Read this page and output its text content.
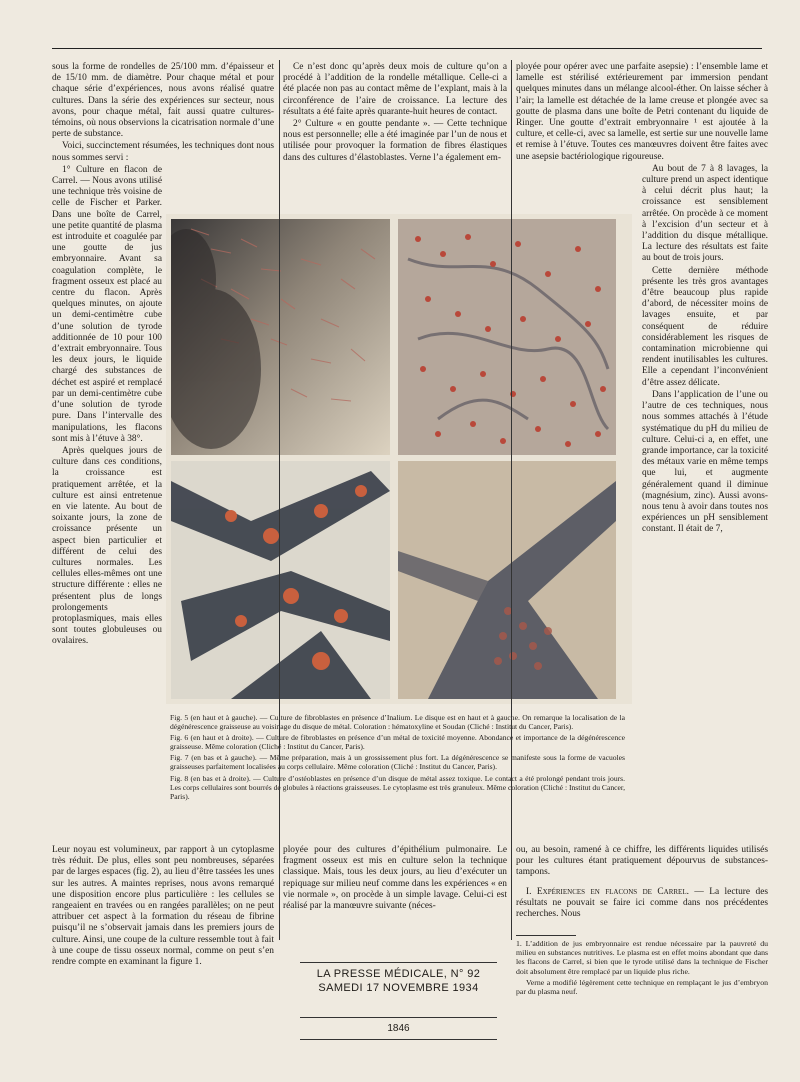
sous la forme de rondelles de 25/100 mm. d’épaisseur et de 15/10 mm. de diamètre. Pour chaque métal et pour chaque série d’expériences, nous avons réalisé quatre cultures. Dans la série des expériences sur secteur, nous avons, pour chaque métal, fait aussi quatre cultures-témoins, où nous observions la cicatrisation normale d’une perte de substance.

Voici, succinctement résumées, les techniques dont nous nous sommes servi :

1° Culture en flacon de Carrel. — Nous avons utilisé une technique très voisine de celle de Fischer et Parker. Dans une boîte de Carrel, une petite quantité de plasma est introduite et coagulée par une goutte de jus embryonnaire. Avant sa coagulation complète, le fragment osseux est placé au centre du flacon. Après quelques minutes, on ajoute un demi-centimètre cube d’une solution de tyrode additionnée de 10 pour 100 d’extrait embryonnaire. Tous les deux jours, le liquide chargé des substances de déchet est aspiré et remplacé par un demi-centimètre cube d’une solution de tyrode pure. Dans l’intervalle des manipulations, les flacons sont mis à l’étuve à 38°.

Après quelques jours de culture dans ces conditions, la croissance est pratiquement arrêtée, et la culture est ainsi entretenue en vie latente. Au bout de soixante jours, la zone de croissance présente un aspect bien particulier et différent de celui des cultures normales. Les cellules elles-mêmes ont une structure différente : elles ne présentent plus de longs prolongements protoplasmiques, mais elles sont toutes globuleuses ou ovalaires.

Ce n’est donc qu’après deux mois de culture qu’on a procédé à l’addition de la rondelle métallique. Celle-ci a été placée non pas au contact même de l’explant, mais à la circonférence de l’aire de croissance. La lecture des résultats a été faite après quarante-huit heures de contact.

2° Culture « en goutte pendante ». — Cette technique nous est personnelle; elle a été imaginée par l’un de nous et utilisée pour provoquer la formation de fibres élastiques dans des cultures d’élastoblastes. Verne l’a également em-

ployée pour opérer avec une parfaite asepsie) : l’ensemble lame et lamelle est stérilisé extérieurement par immersion pendant quelques minutes dans un mélange alcool-éther. On laisse sécher à l’air; la lamelle est détachée de la lame creuse et plongée avec sa goutte de plasma dans une boîte de Petri contenant du liquide de Ringer. Une goutte d’extrait embryonnaire ¹ est ajoutée à la culture, et celle-ci, avec sa lamelle, est sertie sur une nouvelle lame et remise à l’étuve. Toutes ces manœuvres doivent être faites avec une asepsie bactériologique rigoureuse.

Au bout de 7 à 8 lavages, la culture prend un aspect identique à celui décrit plus haut; la croissance est sensiblement arrêtée. On procède à ce moment à l’excision d’un secteur et à l’addition du disque métallique. La lecture des résultats est faite au bout de trois jours.

Cette dernière méthode présente les très gros avantages d’être beaucoup plus rapide d’abord, de nécessiter moins de lavages ensuite, et par conséquent de réduire considérablement les risques de contamination microbienne qui rendent inutilisables les cultures. Elle a cependant l’inconvénient d’être assez délicate.

Dans l’application de l’une ou l’autre de ces techniques, nous nous sommes attachés à l’étude systématique du pH du milieu de culture. Celui-ci a, en effet, une grande importance, car la toxicité des métaux varie en même temps que lui, et augmente généralement quand il diminue (magnésium, zinc). Aussi avons-nous tenu à avoir dans toutes nos expériences un pH sensiblement constant. Il était de 7,

Fig. 5 (en haut et à gauche). — Culture de fibroblastes en présence d’Inalium. Le disque est en haut et à gauche. On remarque la localisation de la dégénérescence graisseuse au voisinage du disque de métal. Coloration : hématoxyline et Soudan (Cliché : Institut du Cancer, Paris).

Fig. 6 (en haut et à droite). — Culture de fibroblastes en présence d’un métal de toxicité moyenne. Abondance et importance de la dégénérescence graisseuse. Même coloration (Cliché : Institut du Cancer, Paris).

Fig. 7 (en bas et à gauche). — Même préparation, mais à un grossissement plus fort. La dégénérescence se manifeste sous la forme de vacuoles graisseuses parfaitement localisées au corps cellulaire. Même coloration (Cliché : Institut du Cancer, Paris).

Fig. 8 (en bas et à droite). — Culture d’ostéoblastes en présence d’un disque de métal assez toxique. Le contact a été prolongé pendant trois jours. Les corps cellulaires sont bourrés de globules à réactions graisseuses. Le cytoplasme est très granuleux. Même coloration (Cliché : Institut du Cancer, Paris).

Leur noyau est volumineux, par rapport à un cytoplasme très réduit. De plus, elles sont peu nombreuses, séparées par de larges espaces (fig. 2), au lieu d’être tassées les unes sur les autres. A maintes reprises, nous avons remarqué une disposition encore plus particulière : les cellules se rangeaient en travées ou en rangées parallèles; on ne peut attribuer cet aspect à la formation du réseau de fibrine puisqu’il ne s’observait jamais dans les premiers jours de culture. Ainsi, une coupe de la culture ressemble tout à fait à une coupe de tissu osseux normal, comme on peut s’en rendre compte en examinant la figure 1.
ployée pour des cultures d’épithélium pulmonaire. Le fragment osseux est mis en culture selon la technique classique. Mais, tous les deux jours, au lieu d’exécuter un repiquage sur milieu neuf comme dans les expériences « en vie normale », on procède à un simple lavage. Celui-ci est réalisé par la manœuvre suivante (néces-

ou, au besoin, ramené à ce chiffre, les différents liquides utilisés pour les cultures étant pratiquement dépourvus de substances-tampons.

I. Expériences en flacons de Carrel. — La lecture des résultats ne pouvait se faire ici comme dans nos précédentes recherches. Nous

1. L’addition de jus embryonnaire est rendue nécessaire par la pauvreté du milieu en substances nutritives. Le plasma est en effet moins abondant que dans les flacons de Carrel, si bien que le tyrode utilisé dans la technique de Fischer doit absolument être remplacé par un liquide plus riche.

Verne a modifié légèrement cette technique en remplaçant le jus d’embryon par du plasma neuf.

LA PRESSE MÉDICALE, N° 92
SAMEDI 17 NOVEMBRE 1934
1846
